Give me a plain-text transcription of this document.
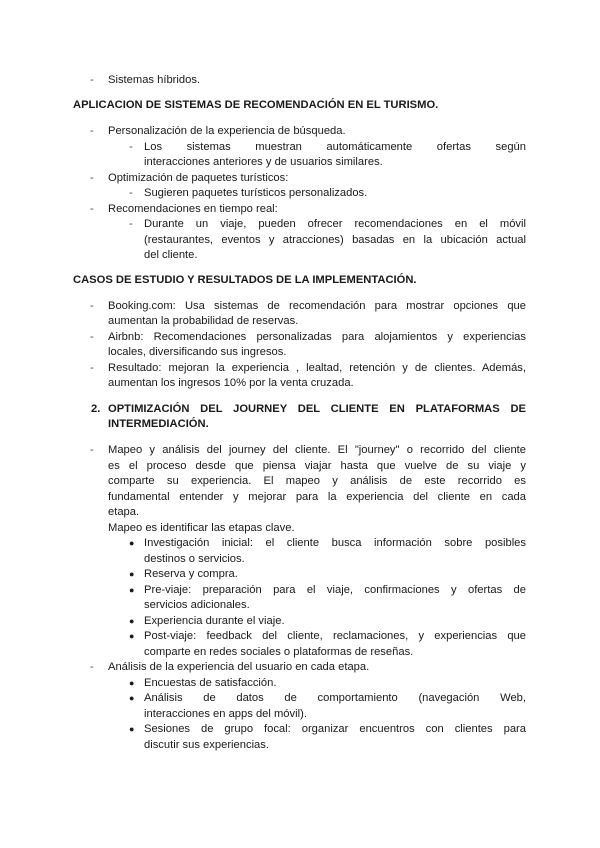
- Sistemas híbridos.
APLICACION DE SISTEMAS DE RECOMENDACIÓN EN EL TURISMO.
- Personalización de la experiencia de búsqueda.
- Los sistemas muestran automáticamente ofertas según
interacciones anteriores y de usuarios similares.
- Optimización de paquetes turísticos:
- Sugieren paquetes turísticos personalizados.
- Recomendaciones en tiempo real:
- Durante un viaje, pueden ofrecer recomendaciones en el móvil
(restaurantes, eventos y atracciones) basadas en la ubicación actual
del cliente.
CASOS DE ESTUDIO Y RESULTADOS DE LA IMPLEMENTACIÓN.
- Booking.com: Usa sistemas de recomendación para mostrar opciones que
aumentan la probabilidad de reservas.
- Airbnb: Recomendaciones personalizadas para alojamientos y experiencias
locales, diversificando sus ingresos.
- Resultado: mejoran la experiencia , lealtad, retención y de clientes. Además,
aumentan los ingresos 10% por la venta cruzada.
2. OPTIMIZACIÓN DEL JOURNEY DEL CLIENTE EN PLATAFORMAS DE
INTERMEDIACIÓN.
- Mapeo y análisis del journey del cliente. El "journey" o recorrido del cliente
es el proceso desde que piensa viajar hasta que vuelve de su viaje y
comparte su experiencia. El mapeo y análisis de este recorrido es
fundamental entender y mejorar para la experiencia del cliente en cada
etapa.
Mapeo es identificar las etapas clave.
● Investigación inicial: el cliente busca información sobre posibles
destinos o servicios.
● Reserva y compra.
● Pre-viaje: preparación para el viaje, confirmaciones y ofertas de
servicios adicionales.
● Experiencia durante el viaje.
● Post-viaje: feedback del cliente, reclamaciones, y experiencias que
comparte en redes sociales o plataformas de reseñas.
- Análisis de la experiencia del usuario en cada etapa.
● Encuestas de satisfacción.
● Análisis de datos de comportamiento (navegación Web,
interacciones en apps del móvil).
● Sesiones de grupo focal: organizar encuentros con clientes para
discutir sus experiencias.
